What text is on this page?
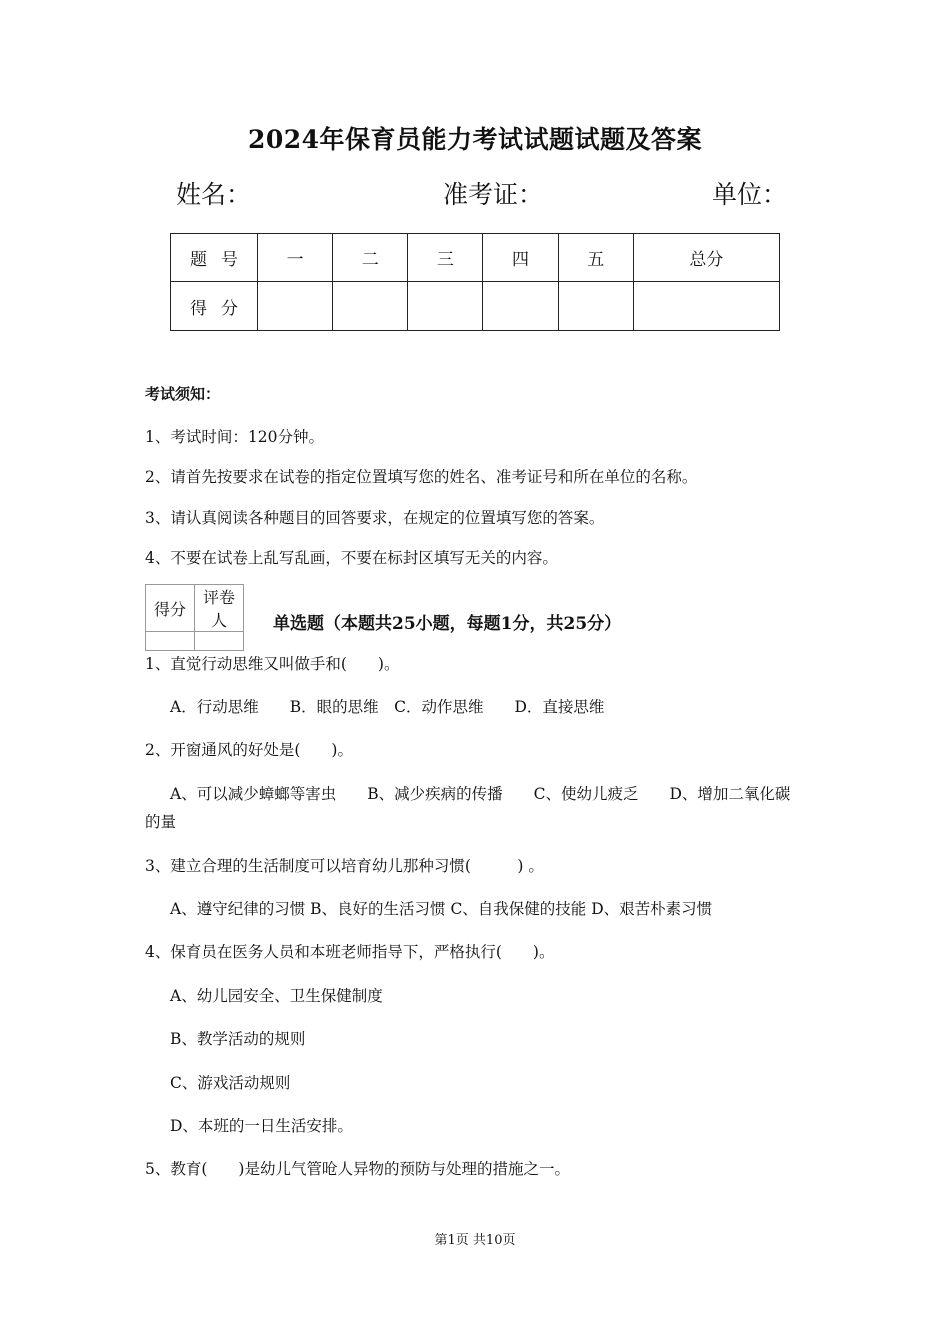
2024年保育员能力考试试题试题及答案
姓名：	准考证：	单位：
题号	一	二	三	四	五	总分
得分						
考试须知：
1、考试时间：120分钟。
2、请首先按要求在试卷的指定位置填写您的姓名、准考证号和所在单位的名称。
3、请认真阅读各种题目的回答要求，在规定的位置填写您的答案。
4、不要在试卷上乱写乱画，不要在标封区填写无关的内容。
得分	评卷人
		单选题（本题共25小题，每题1分，共25分）
1、直觉行动思维又叫做手和(　　)。
A．行动思维　　B．眼的思维　C．动作思维　　D．直接思维
2、开窗通风的好处是(　　)。
A、可以减少蟑螂等害虫　　B、减少疾病的传播　　C、使幼儿疲乏　　D、增加二氧化碳
的量
3、建立合理的生活制度可以培育幼儿那种习惯(　　　) 。
A、遵守纪律的习惯 B、良好的生活习惯 C、自我保健的技能 D、艰苦朴素习惯
4、保育员在医务人员和本班老师指导下，严格执行(　　)。
A、幼儿园安全、卫生保健制度
B、教学活动的规则
C、游戏活动规则
D、本班的一日生活安排。
5、教育(　　)是幼儿气管呛人异物的预防与处理的措施之一。
第1页 共10页
